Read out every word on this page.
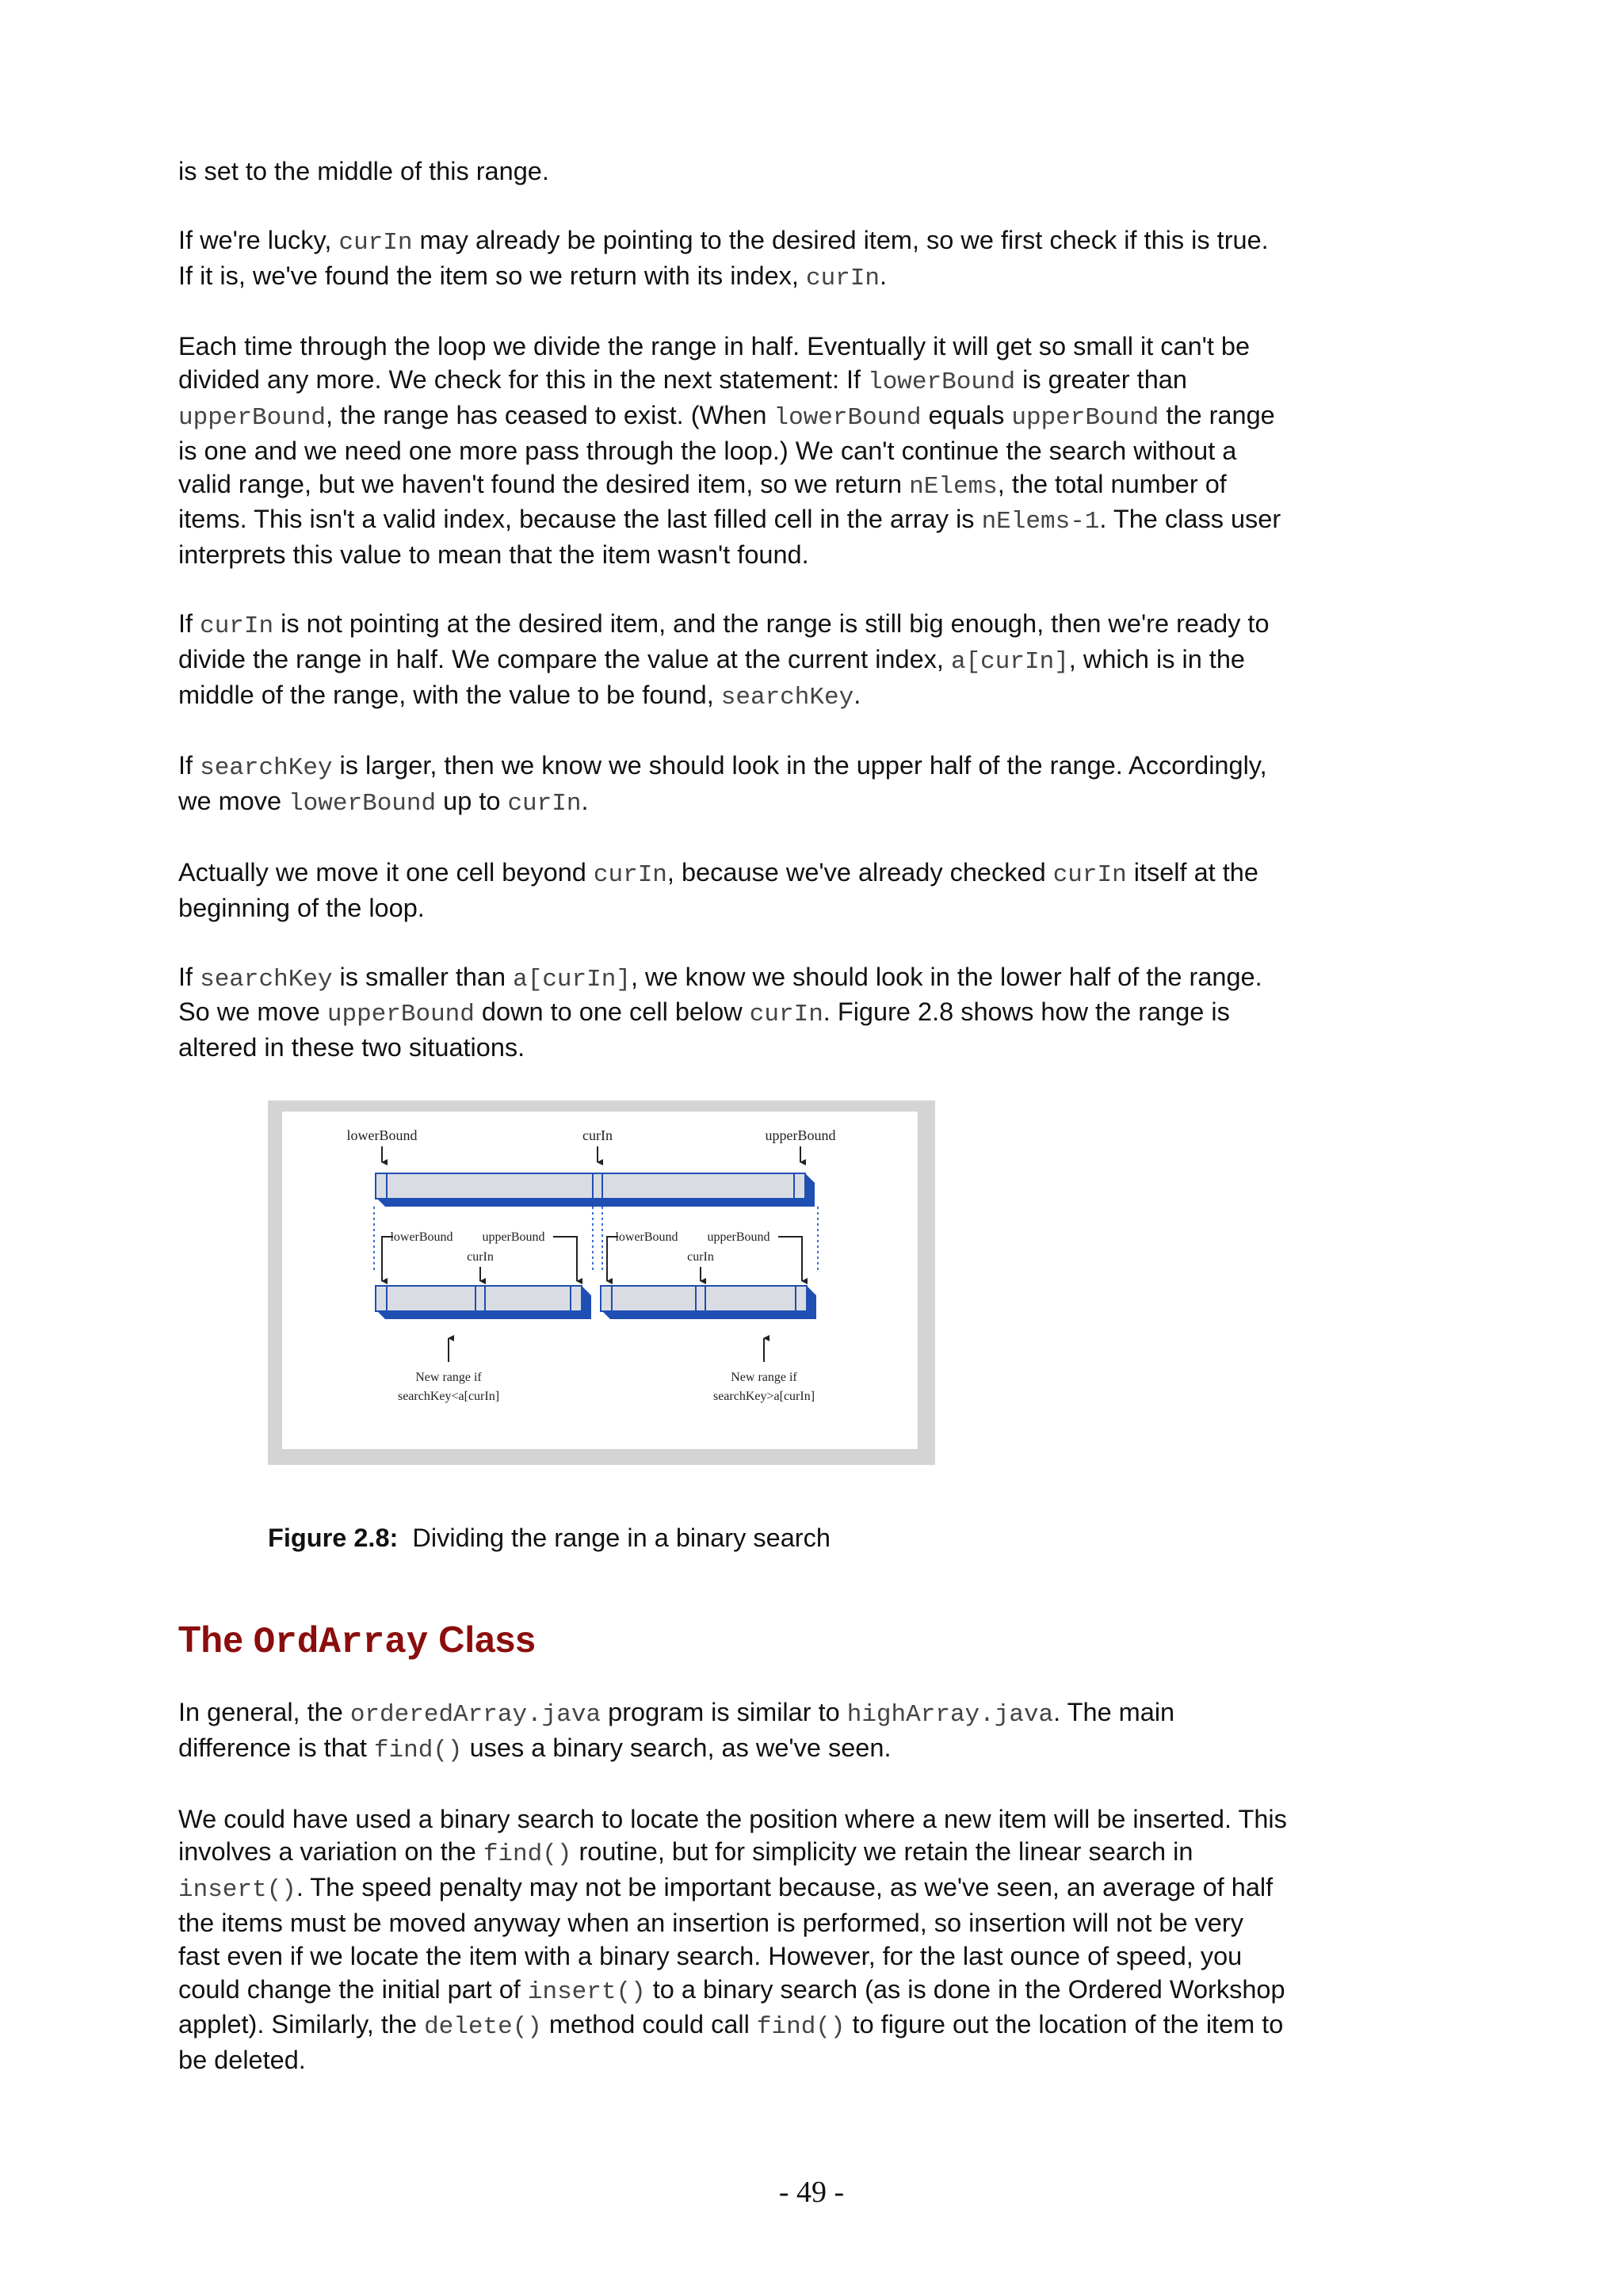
is set to the middle of this range.

If we're lucky, curIn may already be pointing to the desired item, so we first check if this is true. If it is, we've found the item so we return with its index, curIn.

Each time through the loop we divide the range in half. Eventually it will get so small it can't be divided any more. We check for this in the next statement: If lowerBound is greater than upperBound, the range has ceased to exist. (When lowerBound equals upperBound the range is one and we need one more pass through the loop.) We can't continue the search without a valid range, but we haven't found the desired item, so we return nElems, the total number of items. This isn't a valid index, because the last filled cell in the array is nElems-1. The class user interprets this value to mean that the item wasn't found.

If curIn is not pointing at the desired item, and the range is still big enough, then we're ready to divide the range in half. We compare the value at the current index, a[curIn], which is in the middle of the range, with the value to be found, searchKey.

If searchKey is larger, then we know we should look in the upper half of the range. Accordingly, we move lowerBound up to curIn.

Actually we move it one cell beyond curIn, because we've already checked curIn itself at the beginning of the loop.

If searchKey is smaller than a[curIn], we know we should look in the lower half of the range. So we move upperBound down to one cell below curIn. Figure 2.8 shows how the range is altered in these two situations.

lowerBound	curIn	upperBound
lowerBound upperBound
curIn
lowerBound upperBound
curIn
New range if
searchKey<a[curIn]
New range if
searchKey>a[curIn]
Figure 2.8: Dividing the range in a binary search
The OrdArray Class

In general, the orderedArray.java program is similar to highArray.java. The main difference is that find() uses a binary search, as we've seen.

We could have used a binary search to locate the position where a new item will be inserted. This involves a variation on the find() routine, but for simplicity we retain the linear search in insert(). The speed penalty may not be important because, as we've seen, an average of half the items must be moved anyway when an insertion is performed, so insertion will not be very fast even if we locate the item with a binary search. However, for the last ounce of speed, you could change the initial part of insert() to a binary search (as is done in the Ordered Workshop applet). Similarly, the delete() method could call find() to figure out the location of the item to be deleted.

- 49 -
